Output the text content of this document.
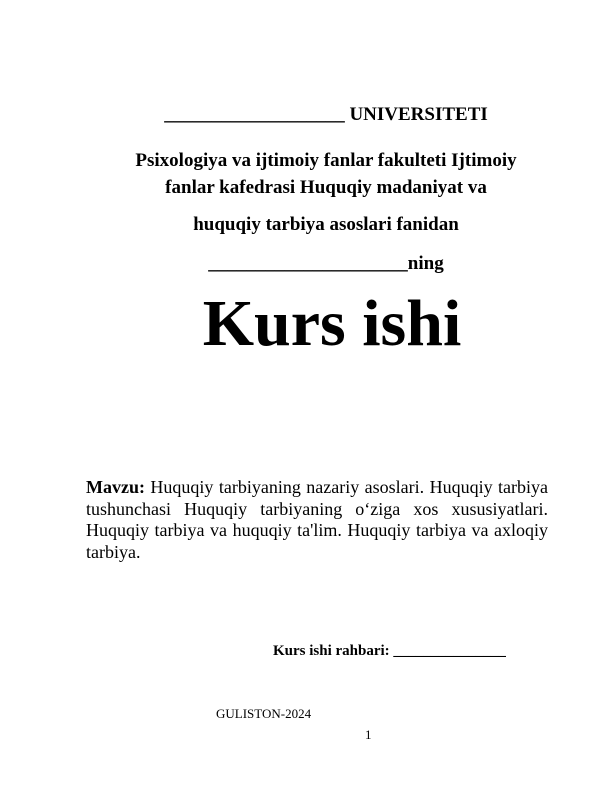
___________________ UNIVERSITETI
Psixologiya va ijtimoiy fanlar fakulteti Ijtimoiy
fanlar kafedrasi Huquqiy madaniyat va
huquqiy tarbiya asoslari fanidan
_____________________ning
Kurs ishi
Mavzu: Huquqiy tarbiyaning nazariy asoslari. Huquqiy tarbiya tushunchasi Huquqiy tarbiyaning o‘ziga xos xususiyatlari. Huquqiy tarbiya va huquqiy ta'lim. Huquqiy tarbiya va axloqiy tarbiya.
Kurs ishi rahbari: _______________
GULISTON-2024
1
